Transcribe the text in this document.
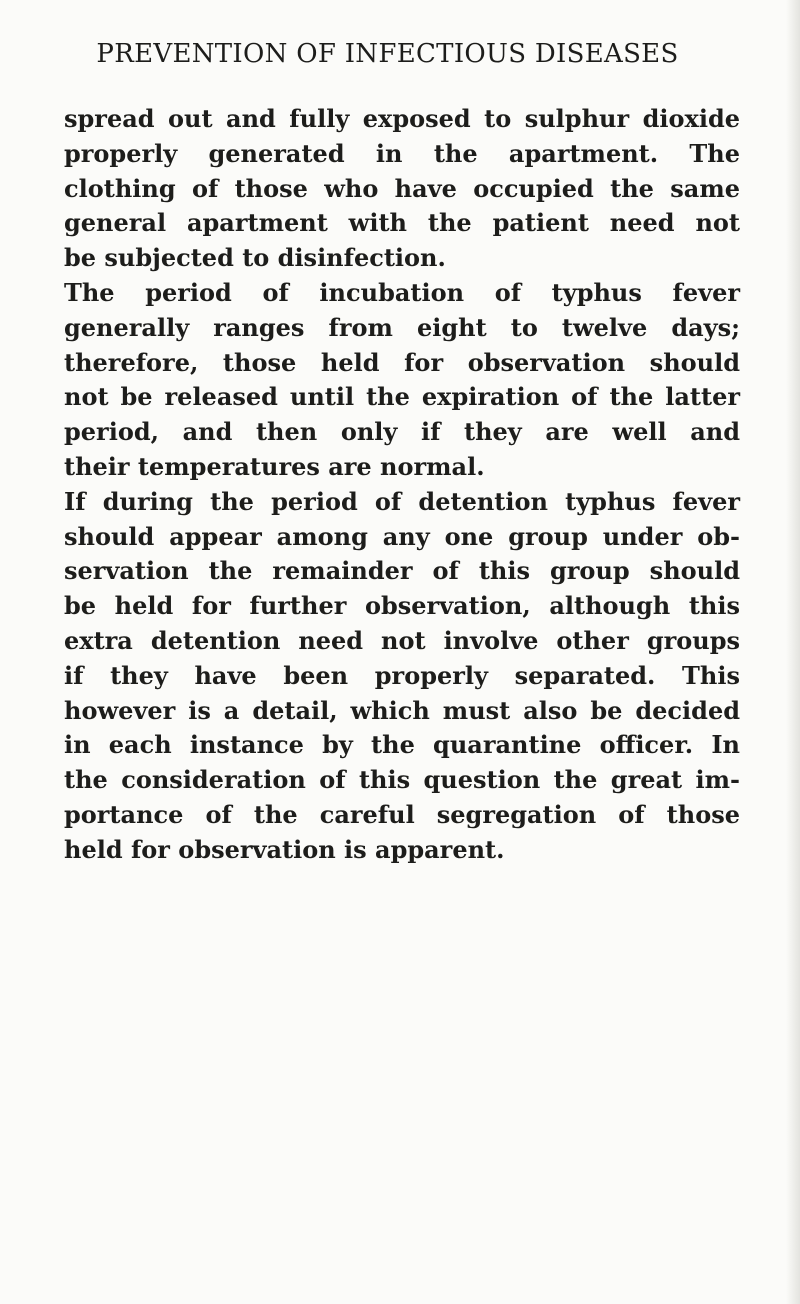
PREVENTION OF INFECTIOUS DISEASES
spread out and fully exposed to sulphur dioxide
properly generated in the apartment. The
clothing of those who have occupied the same
general apartment with the patient need not
be subjected to disinfection.
The period of incubation of typhus fever
generally ranges from eight to twelve days;
therefore, those held for observation should
not be released until the expiration of the latter
period, and then only if they are well and
their temperatures are normal.
If during the period of detention typhus fever
should appear among any one group under ob-
servation the remainder of this group should
be held for further observation, although this
extra detention need not involve other groups
if they have been properly separated. This
however is a detail, which must also be decided
in each instance by the quarantine officer. In
the consideration of this question the great im-
portance of the careful segregation of those
held for observation is apparent.
